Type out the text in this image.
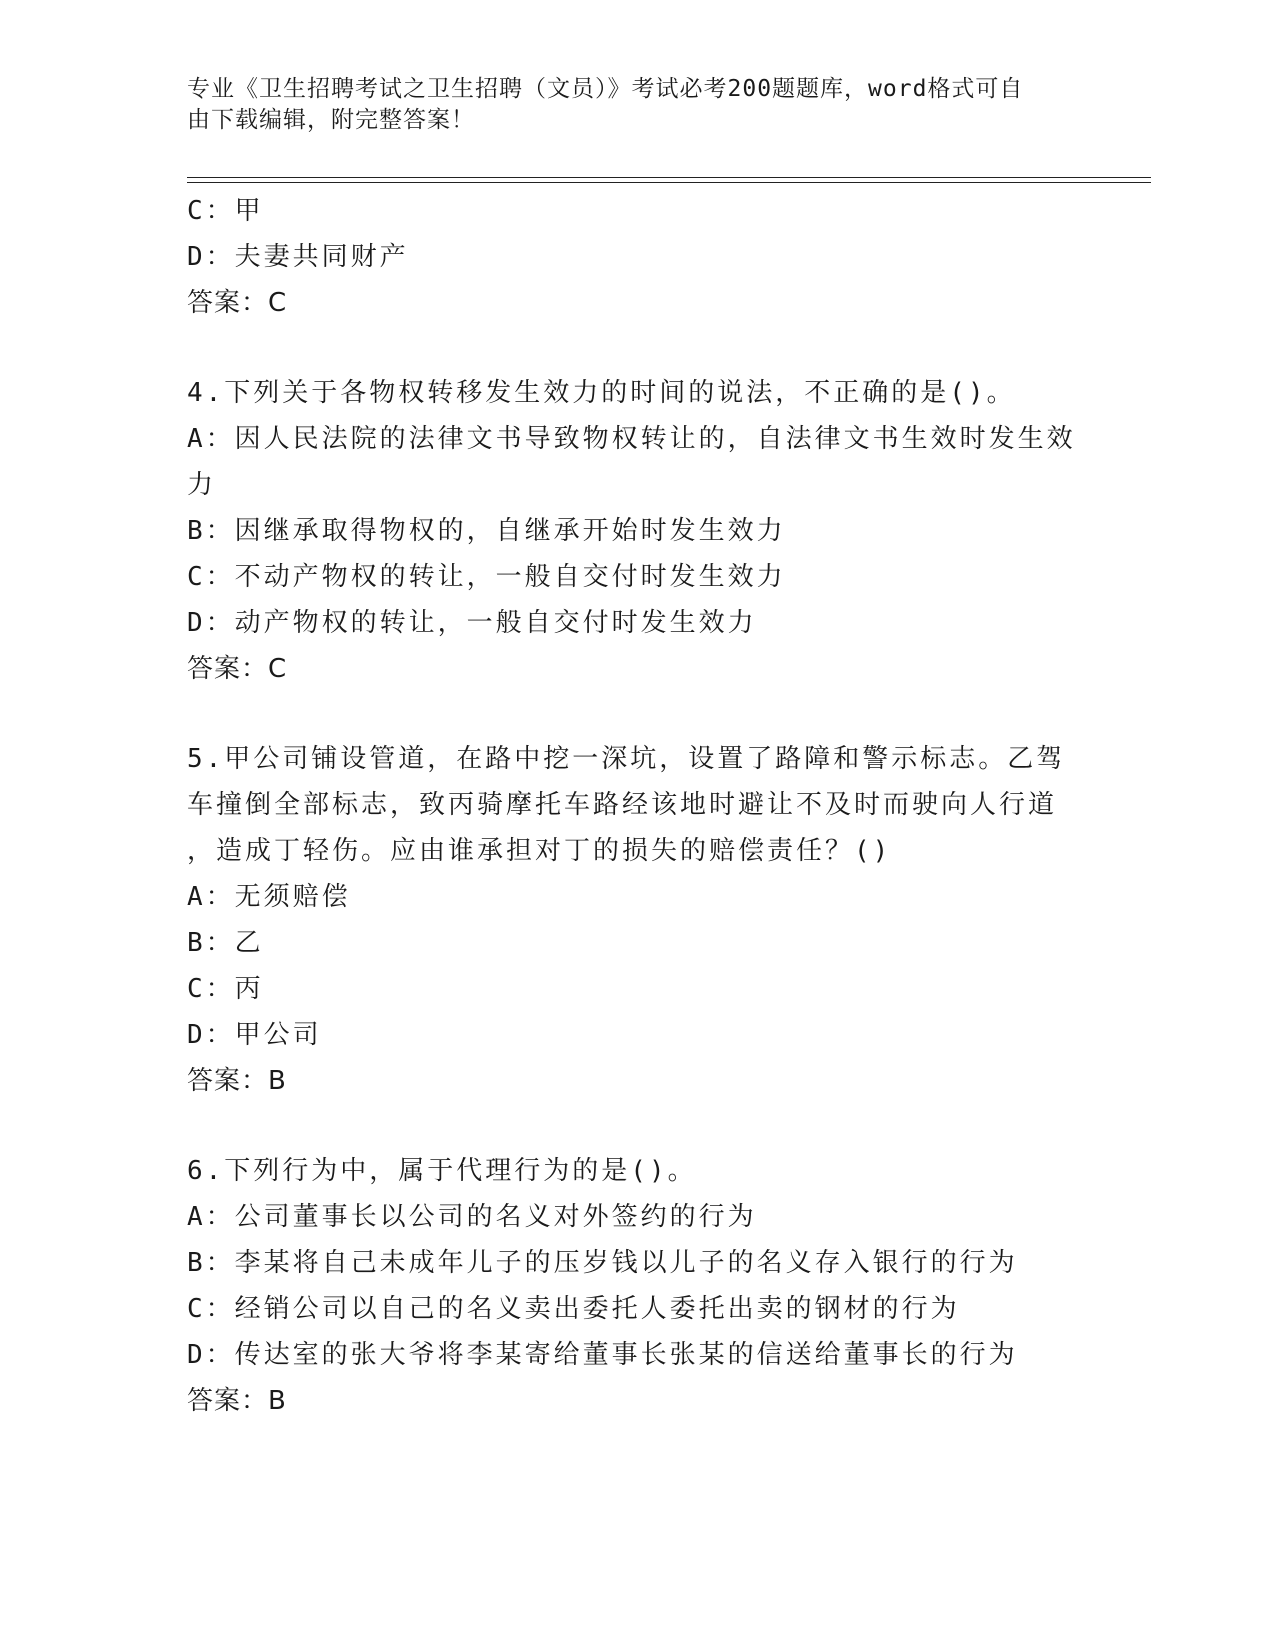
专业《卫生招聘考试之卫生招聘（文员）》考试必考200题题库，word格式可自
由下载编辑，附完整答案！
C：甲
D：夫妻共同财产
答案：C
4.下列关于各物权转移发生效力的时间的说法，不正确的是()。
A：因人民法院的法律文书导致物权转让的，自法律文书生效时发生效
力
B：因继承取得物权的，自继承开始时发生效力
C：不动产物权的转让，一般自交付时发生效力
D：动产物权的转让，一般自交付时发生效力
答案：C
5.甲公司铺设管道，在路中挖一深坑，设置了路障和警示标志。乙驾
车撞倒全部标志，致丙骑摩托车路经该地时避让不及时而驶向人行道
，造成丁轻伤。应由谁承担对丁的损失的赔偿责任？()
A：无须赔偿
B：乙
C：丙
D：甲公司
答案：B
6.下列行为中，属于代理行为的是()。
A：公司董事长以公司的名义对外签约的行为
B：李某将自己未成年儿子的压岁钱以儿子的名义存入银行的行为
C：经销公司以自己的名义卖出委托人委托出卖的钢材的行为
D：传达室的张大爷将李某寄给董事长张某的信送给董事长的行为
答案：B
